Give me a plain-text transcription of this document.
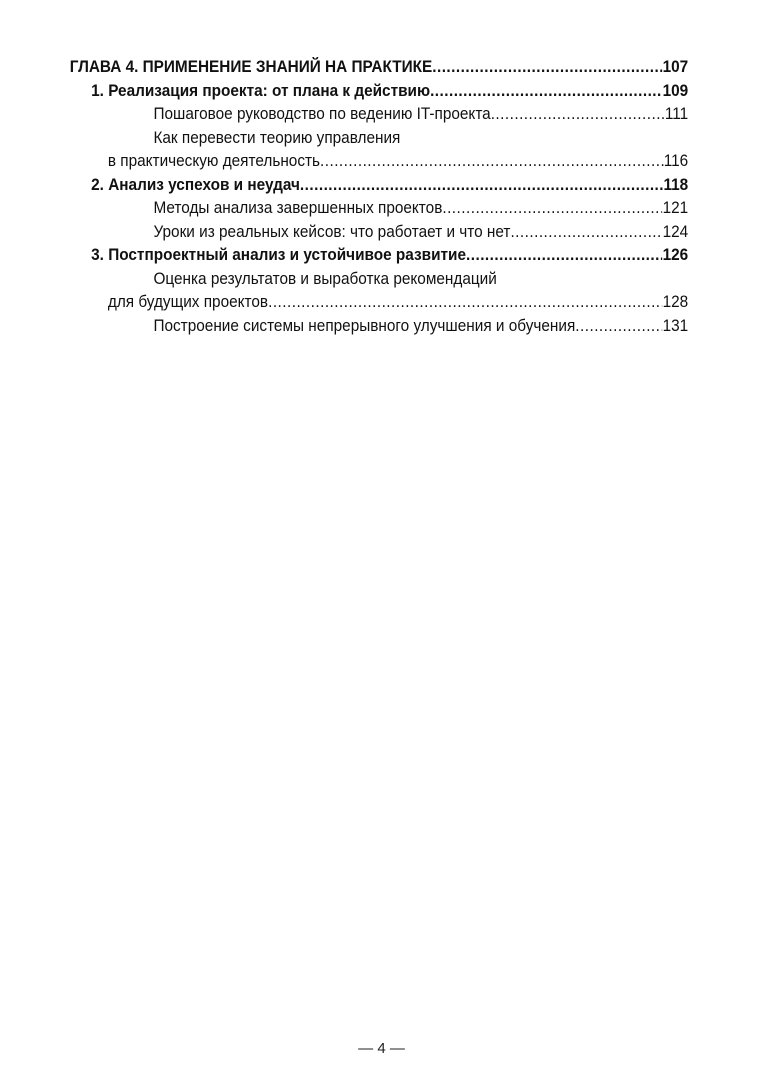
ГЛАВА 4. ПРИМЕНЕНИЕ ЗНАНИЙ НА ПРАКТИКЕ .....	107
1. Реализация проекта: от плана к действию .....	109
Пошаговое руководство по ведению IT-проекта .....	111
Как перевести теорию управления
в практическую деятельность .....	116
2. Анализ успехов и неудач .....	118
Методы анализа завершенных проектов .....	121
Уроки из реальных кейсов: что работает и что нет .....	124
3. Постпроектный анализ и устойчивое развитие .....	126
Оценка результатов и выработка рекомендаций
для будущих проектов .....	128
Построение системы непрерывного улучшения и обучения .....	131
— 4 —
